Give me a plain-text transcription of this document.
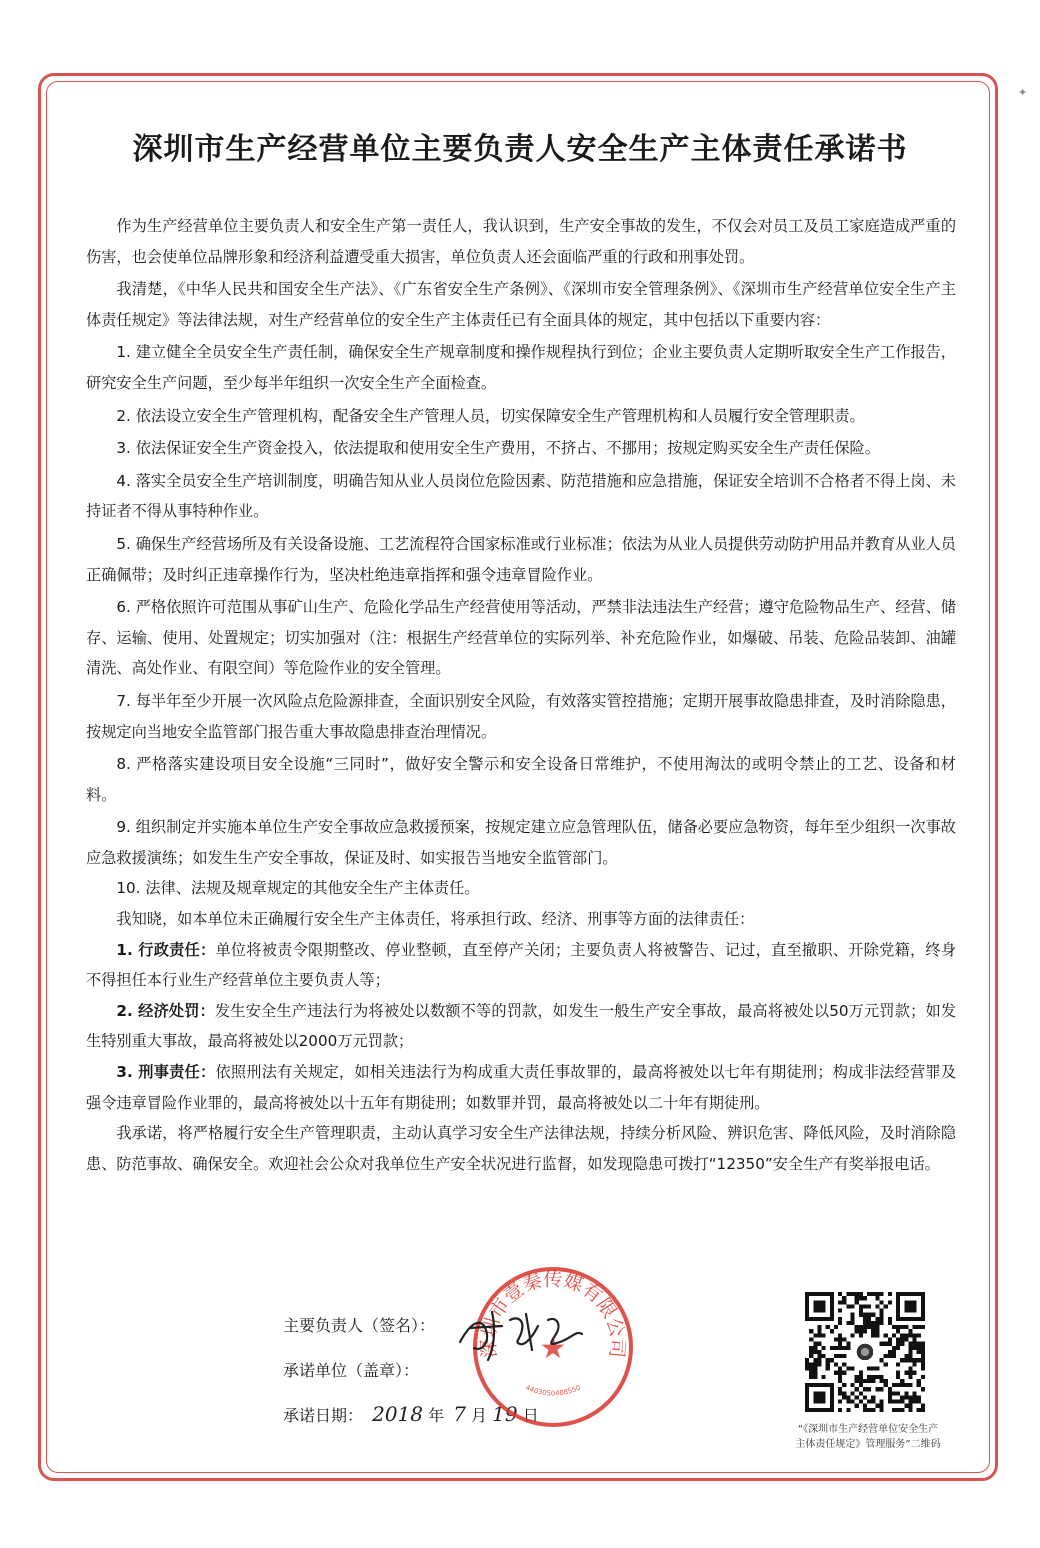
✦
深圳市生产经营单位主要负责人安全生产主体责任承诺书

作为生产经营单位主要负责人和安全生产第一责任人，我认识到，生产安全事故的发生，不仅会对员工及员工家庭造成严重的伤害，也会使单位品牌形象和经济利益遭受重大损害，单位负责人还会面临严重的行政和刑事处罚。

我清楚，《中华人民共和国安全生产法》、《广东省安全生产条例》、《深圳市安全管理条例》、《深圳市生产经营单位安全生产主体责任规定》等法律法规，对生产经营单位的安全生产主体责任已有全面具体的规定，其中包括以下重要内容：

1. 建立健全全员安全生产责任制，确保安全生产规章制度和操作规程执行到位；企业主要负责人定期听取安全生产工作报告，研究安全生产问题，至少每半年组织一次安全生产全面检查。

2. 依法设立安全生产管理机构，配备安全生产管理人员，切实保障安全生产管理机构和人员履行安全管理职责。

3. 依法保证安全生产资金投入，依法提取和使用安全生产费用，不挤占、不挪用；按规定购买安全生产责任保险。

4. 落实全员安全生产培训制度，明确告知从业人员岗位危险因素、防范措施和应急措施，保证安全培训不合格者不得上岗、未持证者不得从事特种作业。

5. 确保生产经营场所及有关设备设施、工艺流程符合国家标准或行业标准；依法为从业人员提供劳动防护用品并教育从业人员正确佩带；及时纠正违章操作行为，坚决杜绝违章指挥和强令违章冒险作业。

6. 严格依照许可范围从事矿山生产、危险化学品生产经营使用等活动，严禁非法违法生产经营；遵守危险物品生产、经营、储存、运输、使用、处置规定；切实加强对（注：根据生产经营单位的实际列举、补充危险作业，如爆破、吊装、危险品装卸、油罐清洗、高处作业、有限空间）等危险作业的安全管理。

7. 每半年至少开展一次风险点危险源排查，全面识别安全风险，有效落实管控措施；定期开展事故隐患排查，及时消除隐患，按规定向当地安全监管部门报告重大事故隐患排查治理情况。

8. 严格落实建设项目安全设施“三同时”，做好安全警示和安全设备日常维护，不使用淘汰的或明令禁止的工艺、设备和材料。

9. 组织制定并实施本单位生产安全事故应急救援预案，按规定建立应急管理队伍，储备必要应急物资，每年至少组织一次事故应急救援演练；如发生生产安全事故，保证及时、如实报告当地安全监管部门。

10. 法律、法规及规章规定的其他安全生产主体责任。

我知晓，如本单位未正确履行安全生产主体责任，将承担行政、经济、刑事等方面的法律责任：

1. 行政责任：单位将被责令限期整改、停业整顿，直至停产关闭；主要负责人将被警告、记过，直至撤职、开除党籍，终身不得担任本行业生产经营单位主要负责人等；

2. 经济处罚：发生安全生产违法行为将被处以数额不等的罚款，如发生一般生产安全事故，最高将被处以50万元罚款；如发生特别重大事故，最高将被处以2000万元罚款；

3. 刑事责任：依照刑法有关规定，如相关违法行为构成重大责任事故罪的，最高将被处以七年有期徒刑；构成非法经营罪及强令违章冒险作业罪的，最高将被处以十五年有期徒刑；如数罪并罚，最高将被处以二十年有期徒刑。

我承诺，将严格履行安全生产管理职责，主动认真学习安全生产法律法规，持续分析风险、辨识危害、降低风险，及时消除隐患、防范事故、确保安全。欢迎社会公众对我单位生产安全状况进行监督，如发现隐患可拨打“12350”安全生产有奖举报电话。

主要负责人（签名）：
承诺单位（盖章）：
承诺日期： 2018 年 7 月 19 日
深圳市壹秦传媒有限公司
4403050488550
★
“《深圳市生产经营单位安全生产
主体责任规定》管理服务”二维码
